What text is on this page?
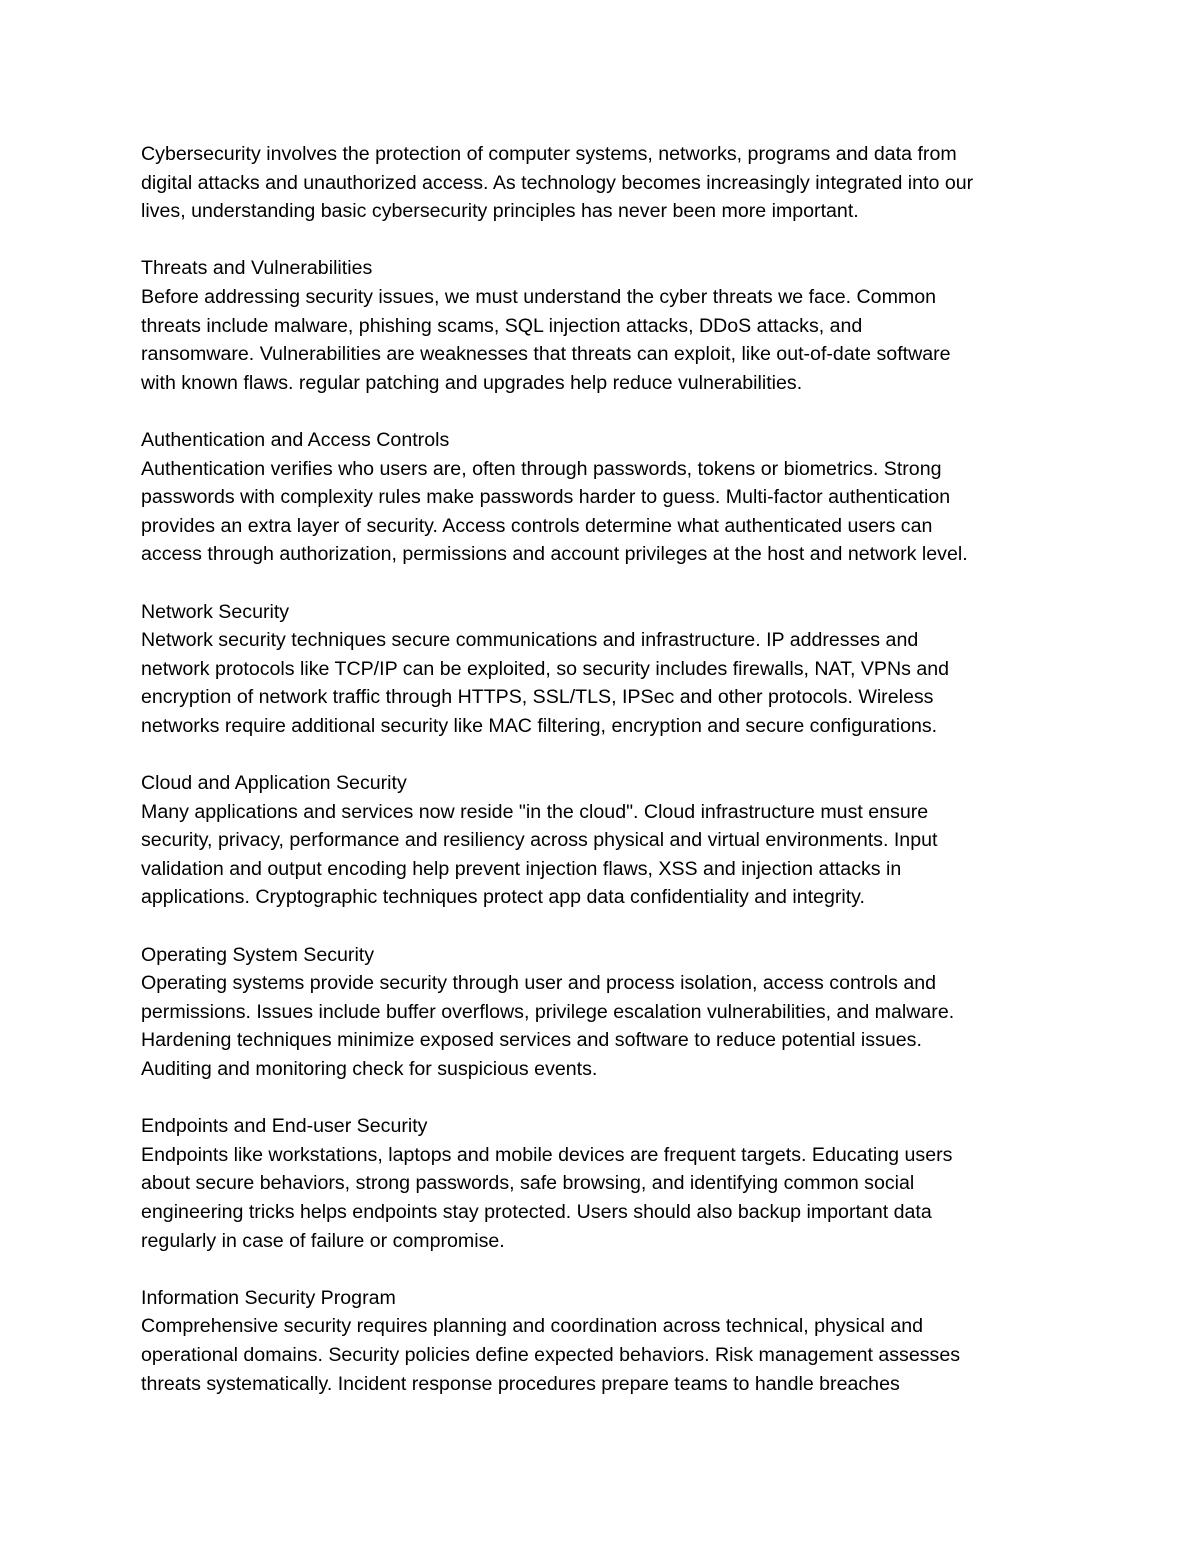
Cybersecurity involves the protection of computer systems, networks, programs and data from
digital attacks and unauthorized access. As technology becomes increasingly integrated into our
lives, understanding basic cybersecurity principles has never been more important.

Threats and Vulnerabilities

Before addressing security issues, we must understand the cyber threats we face. Common
threats include malware, phishing scams, SQL injection attacks, DDoS attacks, and
ransomware. Vulnerabilities are weaknesses that threats can exploit, like out-of-date software
with known flaws. regular patching and upgrades help reduce vulnerabilities.

Authentication and Access Controls

Authentication verifies who users are, often through passwords, tokens or biometrics. Strong
passwords with complexity rules make passwords harder to guess. Multi-factor authentication
provides an extra layer of security. Access controls determine what authenticated users can
access through authorization, permissions and account privileges at the host and network level.

Network Security

Network security techniques secure communications and infrastructure. IP addresses and
network protocols like TCP/IP can be exploited, so security includes firewalls, NAT, VPNs and
encryption of network traffic through HTTPS, SSL/TLS, IPSec and other protocols. Wireless
networks require additional security like MAC filtering, encryption and secure configurations.

Cloud and Application Security

Many applications and services now reside "in the cloud". Cloud infrastructure must ensure
security, privacy, performance and resiliency across physical and virtual environments. Input
validation and output encoding help prevent injection flaws, XSS and injection attacks in
applications. Cryptographic techniques protect app data confidentiality and integrity.

Operating System Security

Operating systems provide security through user and process isolation, access controls and
permissions. Issues include buffer overflows, privilege escalation vulnerabilities, and malware.
Hardening techniques minimize exposed services and software to reduce potential issues.
Auditing and monitoring check for suspicious events.

Endpoints and End-user Security

Endpoints like workstations, laptops and mobile devices are frequent targets. Educating users
about secure behaviors, strong passwords, safe browsing, and identifying common social
engineering tricks helps endpoints stay protected. Users should also backup important data
regularly in case of failure or compromise.

Information Security Program

Comprehensive security requires planning and coordination across technical, physical and
operational domains. Security policies define expected behaviors. Risk management assesses
threats systematically. Incident response procedures prepare teams to handle breaches
